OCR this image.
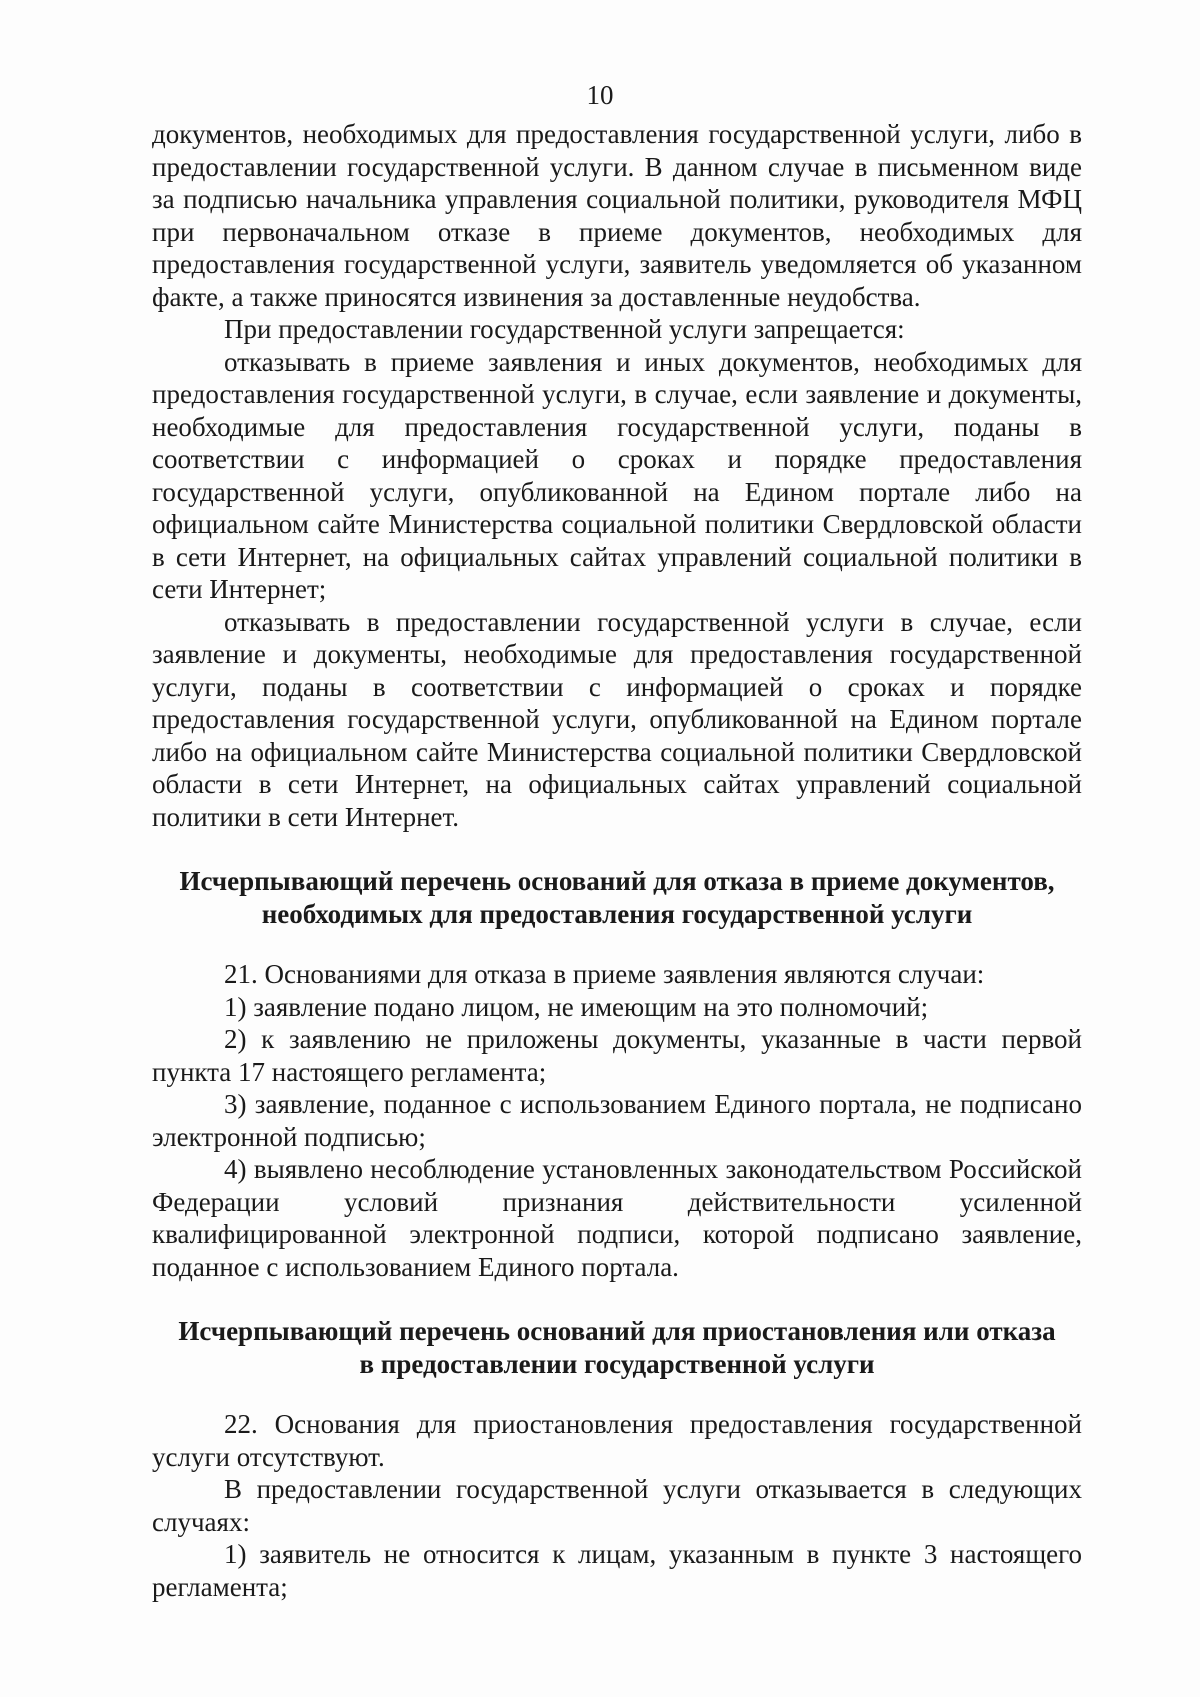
10

документов, необходимых для предоставления государственной услуги, либо в предоставлении государственной услуги. В данном случае в письменном виде за подписью начальника управления социальной политики, руководителя МФЦ при первоначальном отказе в приеме документов, необходимых для предоставления государственной услуги, заявитель уведомляется об указанном факте, а также приносятся извинения за доставленные неудобства.

При предоставлении государственной услуги запрещается:

отказывать в приеме заявления и иных документов, необходимых для предоставления государственной услуги, в случае, если заявление и документы, необходимые для предоставления государственной услуги, поданы в соответствии с информацией о сроках и порядке предоставления государственной услуги, опубликованной на Едином портале либо на официальном сайте Министерства социальной политики Свердловской области в сети Интернет, на официальных сайтах управлений социальной политики в сети Интернет;

отказывать в предоставлении государственной услуги в случае, если заявление и документы, необходимые для предоставления государственной услуги, поданы в соответствии с информацией о сроках и порядке предоставления государственной услуги, опубликованной на Едином портале либо на официальном сайте Министерства социальной политики Свердловской области в сети Интернет, на официальных сайтах управлений социальной политики в сети Интернет.

Исчерпывающий перечень оснований для отказа в приеме документов,

необходимых для предоставления государственной услуги

21. Основаниями для отказа в приеме заявления являются случаи:

1) заявление подано лицом, не имеющим на это полномочий;

2) к заявлению не приложены документы, указанные в части первой пункта 17 настоящего регламента;

3) заявление, поданное с использованием Единого портала, не подписано электронной подписью;

4) выявлено несоблюдение установленных законодательством Российской Федерации условий признания действительности усиленной квалифицированной электронной подписи, которой подписано заявление, поданное с использованием Единого портала.

Исчерпывающий перечень оснований для приостановления или отказа

в предоставлении государственной услуги

22. Основания для приостановления предоставления государственной услуги отсутствуют.

В предоставлении государственной услуги отказывается в следующих случаях:

1) заявитель не относится к лицам, указанным в пункте 3 настоящего регламента;
